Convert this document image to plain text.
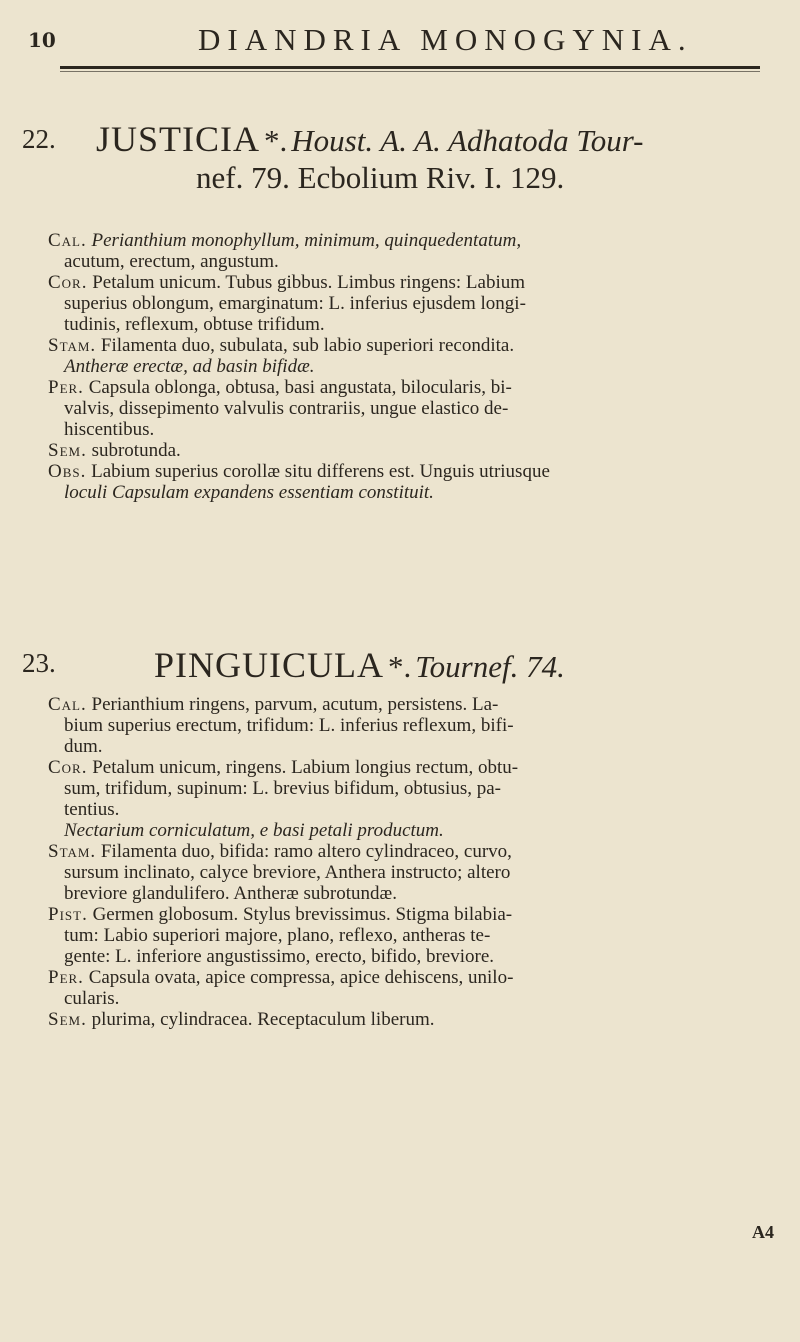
10	DIANDRIA MONOGYNIA.
22. JUSTICIA *. Houst. A. A. Adhatoda Tour-
nef. 79. Ecbolium Riv. I. 129.
Cal. Perianthium monophyllum, minimum, quinquedentatum,
acutum, erectum, angustum.
Cor. Petalum unicum. Tubus gibbus. Limbus ringens: Labium
superius oblongum, emarginatum: L. inferius ejusdem longi-
tudinis, reflexum, obtuse trifidum.
Stam. Filamenta duo, subulata, sub labio superiori recondita.
Antheræ erectæ, ad basin bifidæ.
Per. Capsula oblonga, obtusa, basi angustata, bilocularis, bi-
valvis, dissepimento valvulis contrariis, ungue elastico de-
hiscentibus.
Sem. subrotunda.
Obs. Labium superius corollæ situ differens est. Unguis utriusque
loculi Capsulam expandens essentiam constituit.
23.	PINGUICULA *. Tournef. 74.
Cal. Perianthium ringens, parvum, acutum, persistens. La-
bium superius erectum, trifidum: L. inferius reflexum, bifi-
dum.
Cor. Petalum unicum, ringens. Labium longius rectum, obtu-
sum, trifidum, supinum: L. brevius bifidum, obtusius, pa-
tentius.
Nectarium corniculatum, e basi petali productum.
Stam. Filamenta duo, bifida: ramo altero cylindraceo, curvo,
sursum inclinato, calyce breviore, Anthera instructo; altero
breviore glandulifero. Antheræ subrotundæ.
Pist. Germen globosum. Stylus brevissimus. Stigma bilabia-
tum: Labio superiori majore, plano, reflexo, antheras te-
gente: L. inferiore angustissimo, erecto, bifido, breviore.
Per. Capsula ovata, apice compressa, apice dehiscens, unilo-
cularis.
Sem. plurima, cylindracea. Receptaculum liberum.
A4
